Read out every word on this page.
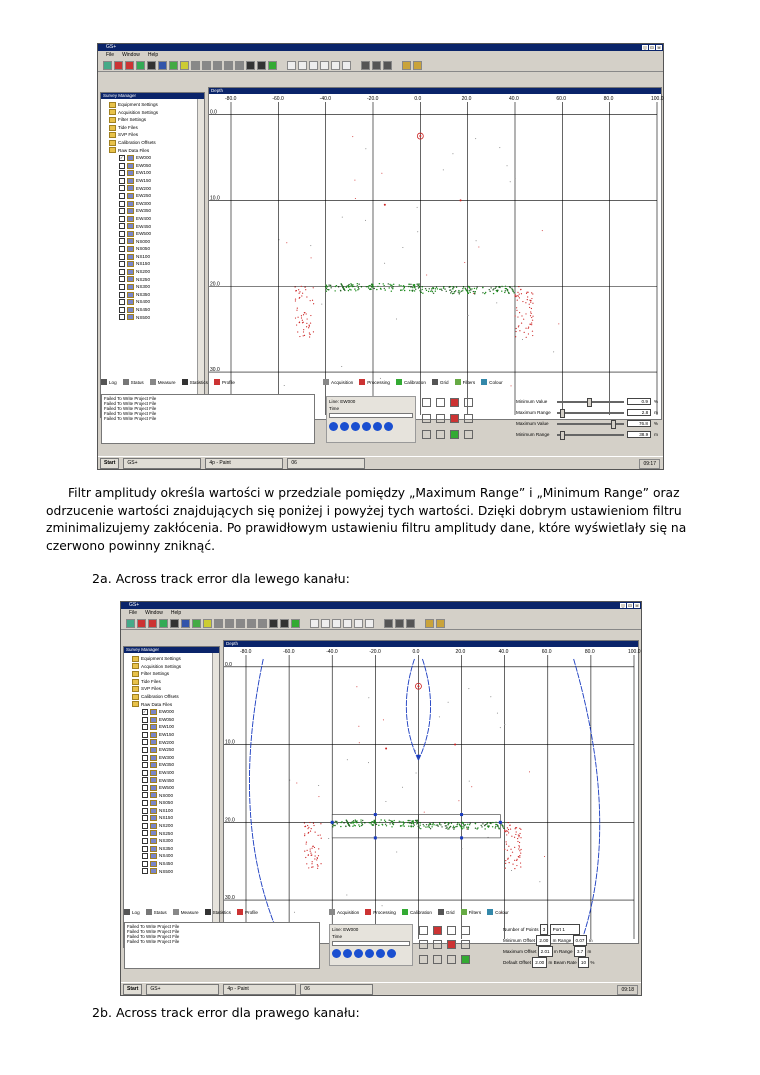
GS+	_	□	×
File Window Help
Survey Manager
Equipment Settings
Acquisition Settings
Filter Settings
Tide Files
SVP Files
Calibration Offsets
Raw Data Files
✓	EW000
EW050
EW100
EW150
EW200
EW250
EW300
EW350
EW400
EW450
EW500
NS000
NS050
NS100
NS150
NS200
NS250
NS300
NS350
NS400
NS450
NS500
Depth
-80.0	-60.0	-40.0	-20.0	0.0	20.0	40.0	60.0	80.0	100.0
0.0
10.0
20.0
30.0
Log	Status	Measure	Statistics	Profile	Acquisition	Processing	Calibration	Grid	Filters	Colour
Failed To Write Project File
Failed To Write Project File
Failed To Write Project File
Failed To Write Project File
Failed To Write Project File
Line: EW000
Time
Minimum Value	0.9	%
Maximum Range	2.8	m
Maximum Value	76.8	%
Minimum Range	38.9	m
Start	GS+	4p - Paint	06	09:17

Filtr amplitudy określa wartości w przedziale pomiędzy „Maximum Range” i „Minimum Range” oraz odrzucenie wartości znajdujących się poniżej i powyżej tych wartości. Dzięki dobrym ustawieniom filtru zminimalizujemy zakłócenia. Po prawidłowym ustawieniu filtru amplitudy dane, które wyświetlały się na czerwono powinny zniknąć.

2a. Across track error dla lewego kanału:

GS+	_	□	×
File Window Help
Survey Manager
Equipment Settings
Acquisition Settings
Filter Settings
Tide Files
SVP Files
Calibration Offsets
Raw Data Files
✓	EW000
EW050
EW100
EW150
EW200
EW250
EW300
EW350
EW400
EW450
EW500
NS000
NS050
NS100
NS150
NS200
NS250
NS300
NS350
NS400
NS450
NS500
Depth
-80.0	-60.0	-40.0	-20.0	0.0	20.0	40.0	60.0	80.0	100.0
0.0
10.0
20.0
30.0
Log	Status	Measure	Statistics	Profile	Acquisition	Processing	Calibration	Grid	Filters	Colour
Failed To Write Project File
Failed To Write Project File
Failed To Write Project File
Failed To Write Project File
Line: EW000
Time
Number of Points 3 Port 1
Minimum Offset 2.00 m Range 0.07 m
Maximum Offset 2.01 m Range 3.7 m
Default Offset 2.00 m Beam Rate 10 %
Start	GS+	4p - Paint	06	09:18

2b. Across track error dla prawego kanału:
